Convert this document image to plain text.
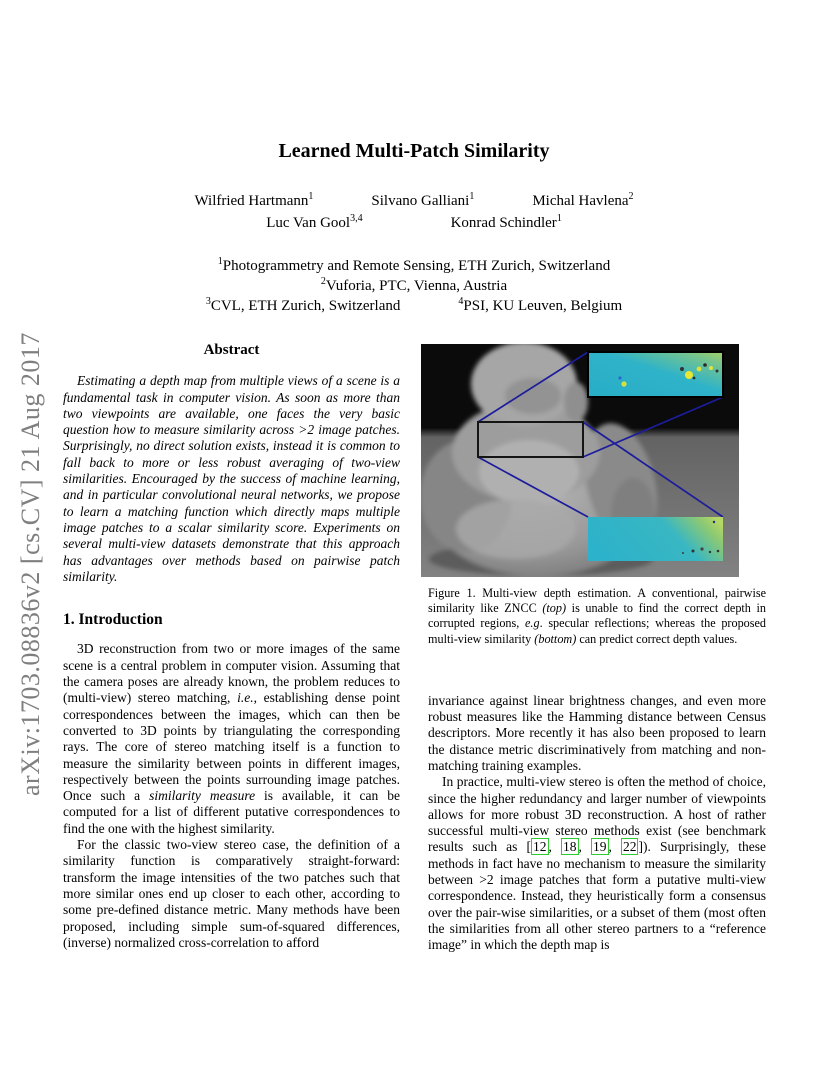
arXiv:1703.08836v2 [cs.CV] 21 Aug 2017
Learned Multi-Patch Similarity
Wilfried Hartmann$^1$	Silvano Galliani$^1$	Michal Havlena$^2$
Luc Van Gool$^{3,4}$	Konrad Schindler$^1$
$^1$Photogrammetry and Remote Sensing, ETH Zurich, Switzerland
$^2$Vuforia, PTC, Vienna, Austria
$^3$CVL, ETH Zurich, Switzerland	$^4$PSI, KU Leuven, Belgium
Abstract

Estimating a depth map from multiple views of a scene is a fundamental task in computer vision. As soon as more than two viewpoints are available, one faces the very basic question how to measure similarity across >2 image patches. Surprisingly, no direct solution exists, instead it is common to fall back to more or less robust averaging of two-view similarities. Encouraged by the success of machine learning, and in particular convolutional neural networks, we propose to learn a matching function which directly maps multiple image patches to a scalar similarity score. Experiments on several multi-view datasets demonstrate that this approach has advantages over methods based on pairwise patch similarity.

1. Introduction

3D reconstruction from two or more images of the same scene is a central problem in computer vision. Assuming that the camera poses are already known, the problem reduces to (multi-view) stereo matching, i.e., establishing dense point correspondences between the images, which can then be converted to 3D points by triangulating the corresponding rays. The core of stereo matching itself is a function to measure the similarity between points in different images, respectively between the points surrounding image patches. Once such a similarity measure is available, it can be computed for a list of different putative correspondences to find the one with the highest similarity.

For the classic two-view stereo case, the definition of a similarity function is comparatively straight-forward: transform the image intensities of the two patches such that more similar ones end up closer to each other, according to some pre-defined distance metric. Many methods have been proposed, including simple sum-of-squared differences, (inverse) normalized cross-correlation to afford

Figure 1. Multi-view depth estimation. A conventional, pairwise similarity like ZNCC (top) is unable to find the correct depth in corrupted regions, e.g. specular reflections; whereas the proposed multi-view similarity (bottom) can predict correct depth values.

invariance against linear brightness changes, and even more robust measures like the Hamming distance between Census descriptors. More recently it has also been proposed to learn the distance metric discriminatively from matching and non-matching training examples.

In practice, multi-view stereo is often the method of choice, since the higher redundancy and larger number of viewpoints allows for more robust 3D reconstruction. A host of rather successful multi-view stereo methods exist (see benchmark results such as [ 12 , 18 , 19 , 22 ]). Surprisingly, these methods in fact have no mechanism to measure the similarity between >2 image patches that form a putative multi-view correspondence. Instead, they heuristically form a consensus over the pair-wise similarities, or a subset of them (most often the similarities from all other stereo partners to a “reference image” in which the depth map is
